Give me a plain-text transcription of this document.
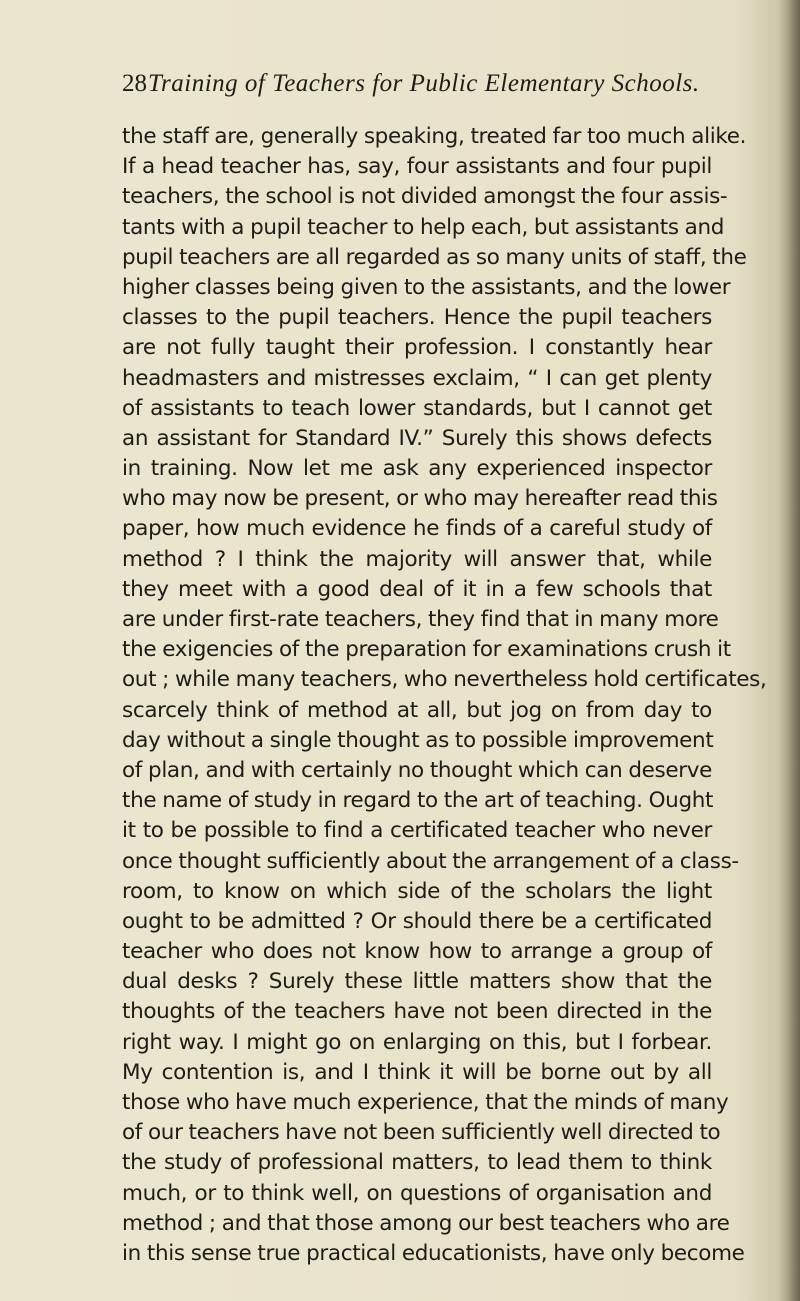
28 Training of Teachers for Public Elementary Schools.
the staff are, generally speaking, treated far too much alike.
If a head teacher has, say, four assistants and four pupil
teachers, the school is not divided amongst the four assis-
tants with a pupil teacher to help each, but assistants and
pupil teachers are all regarded as so many units of staff, the
higher classes being given to the assistants, and the lower
classes to the pupil teachers. Hence the pupil teachers
are not fully taught their profession. I constantly hear
headmasters and mistresses exclaim, “ I can get plenty
of assistants to teach lower standards, but I cannot get
an assistant for Standard IV.” Surely this shows defects
in training. Now let me ask any experienced inspector
who may now be present, or who may hereafter read this
paper, how much evidence he finds of a careful study of
method ? I think the majority will answer that, while
they meet with a good deal of it in a few schools that
are under first-rate teachers, they find that in many more
the exigencies of the preparation for examinations crush it
out ; while many teachers, who nevertheless hold certificates,
scarcely think of method at all, but jog on from day to
day without a single thought as to possible improvement
of plan, and with certainly no thought which can deserve
the name of study in regard to the art of teaching. Ought
it to be possible to find a certificated teacher who never
once thought sufficiently about the arrangement of a class-
room, to know on which side of the scholars the light
ought to be admitted ? Or should there be a certificated
teacher who does not know how to arrange a group of
dual desks ? Surely these little matters show that the
thoughts of the teachers have not been directed in the
right way. I might go on enlarging on this, but I forbear.
My contention is, and I think it will be borne out by all
those who have much experience, that the minds of many
of our teachers have not been sufficiently well directed to
the study of professional matters, to lead them to think
much, or to think well, on questions of organisation and
method ; and that those among our best teachers who are
in this sense true practical educationists, have only become
